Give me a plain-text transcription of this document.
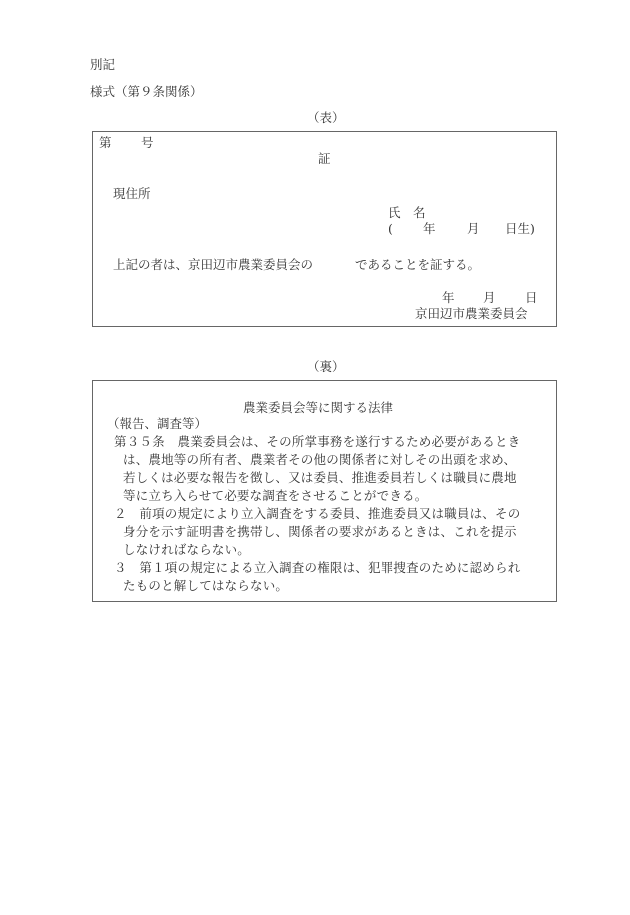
別記
様式（第９条関係）
（表）
第 号
証
現住所
氏　名
( 年	月 日生)
上記の者は、京田辺市農業委員会の	であることを証する。
年 月 日
京田辺市農業委員会
（裏）
農業委員会等に関する法律
（報告、調査等）
第３５条　農業委員会は、その所掌事務を遂行するため必要があるとき
は、農地等の所有者、農業者その他の関係者に対しその出頭を求め、
若しくは必要な報告を徴し、又は委員、推進委員若しくは職員に農地
等に立ち入らせて必要な調査をさせることができる。
２　前項の規定により立入調査をする委員、推進委員又は職員は、その
身分を示す証明書を携帯し、関係者の要求があるときは、これを提示
しなければならない。
３　第１項の規定による立入調査の権限は、犯罪捜査のために認められ
たものと解してはならない。
